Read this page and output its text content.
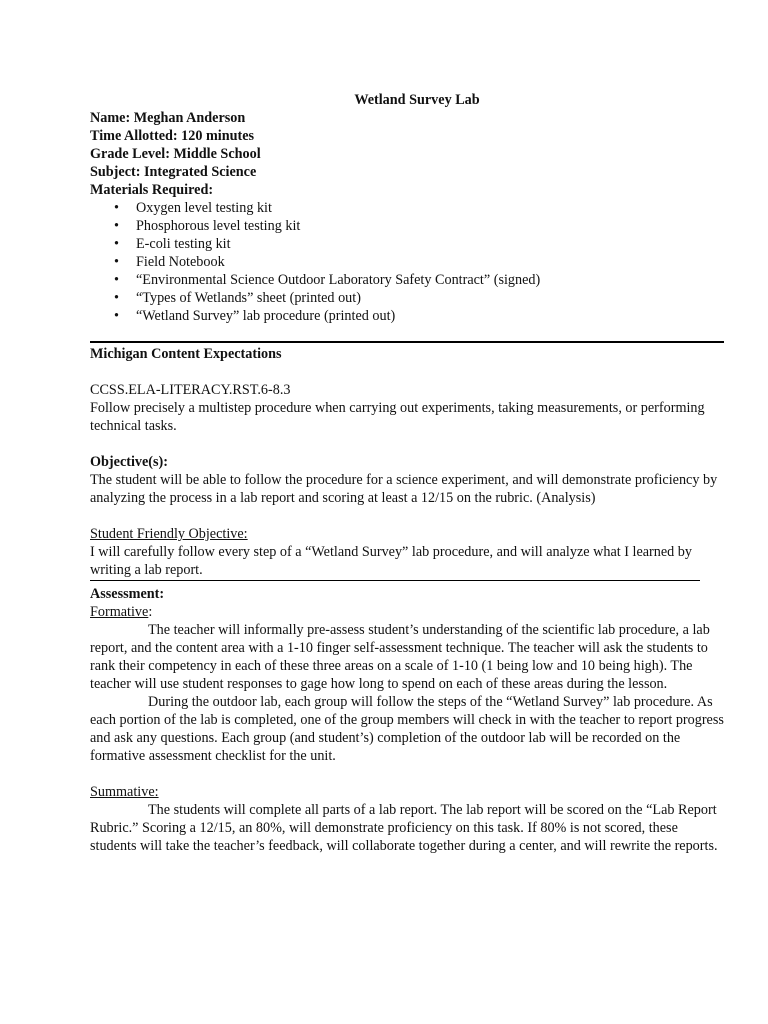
Wetland Survey Lab
Name: Meghan Anderson
Time Allotted: 120 minutes
Grade Level: Middle School
Subject: Integrated Science
Materials Required:
• Oxygen level testing kit
• Phosphorous level testing kit
• E-coli testing kit
• Field Notebook
• “Environmental Science Outdoor Laboratory Safety Contract” (signed)
• “Types of Wetlands” sheet (printed out)
• “Wetland Survey” lab procedure (printed out)
Michigan Content Expectations

CCSS.ELA-LITERACY.RST.6-8.3

Follow precisely a multistep procedure when carrying out experiments, taking measurements, or performing technical tasks.

Objective(s):

The student will be able to follow the procedure for a science experiment, and will demonstrate proficiency by analyzing the process in a lab report and scoring at least a 12/15 on the rubric. (Analysis)

Student Friendly Objective:

I will carefully follow every step of a “Wetland Survey” lab procedure, and will analyze what I learned by writing a lab report.

Assessment:
Formative:

The teacher will informally pre-assess student’s understanding of the scientific lab procedure, a lab report, and the content area with a 1-10 finger self-assessment technique. The teacher will ask the students to rank their competency in each of these three areas on a scale of 1-10 (1 being low and 10 being high). The teacher will use student responses to gage how long to spend on each of these areas during the lesson.

During the outdoor lab, each group will follow the steps of the “Wetland Survey” lab procedure. As each portion of the lab is completed, one of the group members will check in with the teacher to report progress and ask any questions. Each group (and student’s) completion of the outdoor lab will be recorded on the formative assessment checklist for the unit.

Summative:

The students will complete all parts of a lab report. The lab report will be scored on the “Lab Report Rubric.” Scoring a 12/15, an 80%, will demonstrate proficiency on this task. If 80% is not scored, these students will take the teacher’s feedback, will collaborate together during a center, and will rewrite the reports.
